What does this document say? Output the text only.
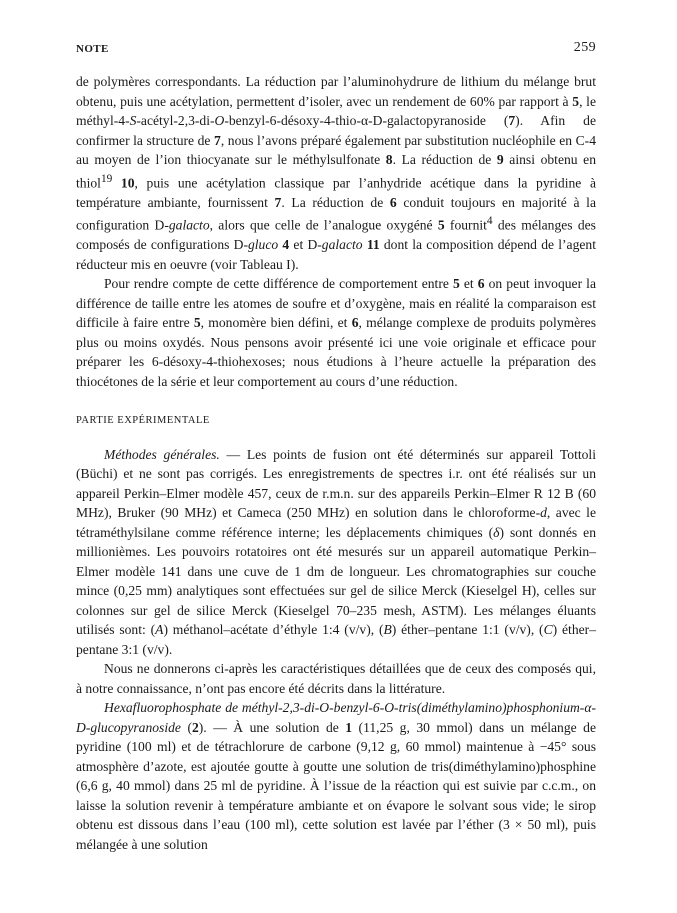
NOTE	259

de polymères correspondants. La réduction par l’aluminohydrure de lithium du mélange brut obtenu, puis une acétylation, permettent d’isoler, avec un rendement de 60% par rapport à 5, le méthyl-4-S-acétyl-2,3-di-O-benzyl-6-désoxy-4-thio-α-D-galactopyranoside (7). Afin de confirmer la structure de 7, nous l’avons préparé également par substitution nucléophile en C-4 au moyen de l’ion thiocyanate sur le méthylsulfonate 8. La réduction de 9 ainsi obtenu en thiol$^{19}$ 10, puis une acétylation classique par l’anhydride acétique dans la pyridine à température ambiante, fournissent 7. La réduction de 6 conduit toujours en majorité à la configuration D-galacto, alors que celle de l’analogue oxygéné 5 fournit$^4$ des mélanges des composés de configurations D-gluco 4 et D-galacto 11 dont la composition dépend de l’agent réducteur mis en oeuvre (voir Tableau I).

Pour rendre compte de cette différence de comportement entre 5 et 6 on peut invoquer la différence de taille entre les atomes de soufre et d’oxygène, mais en réalité la comparaison est difficile à faire entre 5, monomère bien défini, et 6, mélange complexe de produits polymères plus ou moins oxydés. Nous pensons avoir présenté ici une voie originale et efficace pour préparer les 6-désoxy-4-thiohexoses; nous étudions à l’heure actuelle la préparation des thiocétones de la série et leur comportement au cours d’une réduction.

PARTIE EXPÉRIMENTALE

Méthodes générales. — Les points de fusion ont été déterminés sur appareil Tottoli (Büchi) et ne sont pas corrigés. Les enregistrements de spectres i.r. ont été réalisés sur un appareil Perkin–Elmer modèle 457, ceux de r.m.n. sur des appareils Perkin–Elmer R 12 B (60 MHz), Bruker (90 MHz) et Cameca (250 MHz) en solution dans le chloroforme-d, avec le tétraméthylsilane comme référence interne; les déplacements chimiques (δ) sont donnés en millionièmes. Les pouvoirs rotatoires ont été mesurés sur un appareil automatique Perkin–Elmer modèle 141 dans une cuve de 1 dm de longueur. Les chromatographies sur couche mince (0,25 mm) analytiques sont effectuées sur gel de silice Merck (Kieselgel H), celles sur colonnes sur gel de silice Merck (Kieselgel 70–235 mesh, ASTM). Les mélanges éluants utilisés sont: (A) méthanol–acétate d’éthyle 1:4 (v/v), (B) éther–pentane 1:1 (v/v), (C) éther–pentane 3:1 (v/v).

Nous ne donnerons ci-après les caractéristiques détaillées que de ceux des composés qui, à notre connaissance, n’ont pas encore été décrits dans la littérature.

Hexafluorophosphate de méthyl-2,3-di-O-benzyl-6-O-tris(diméthylamino)phosphonium-α-D-glucopyranoside (2). — À une solution de 1 (11,25 g, 30 mmol) dans un mélange de pyridine (100 ml) et de tétrachlorure de carbone (9,12 g, 60 mmol) maintenue à −45° sous atmosphère d’azote, est ajoutée goutte à goutte une solution de tris(diméthylamino)phosphine (6,6 g, 40 mmol) dans 25 ml de pyridine. À l’issue de la réaction qui est suivie par c.c.m., on laisse la solution revenir à température ambiante et on évapore le solvant sous vide; le sirop obtenu est dissous dans l’eau (100 ml), cette solution est lavée par l’éther (3 × 50 ml), puis mélangée à une solution
